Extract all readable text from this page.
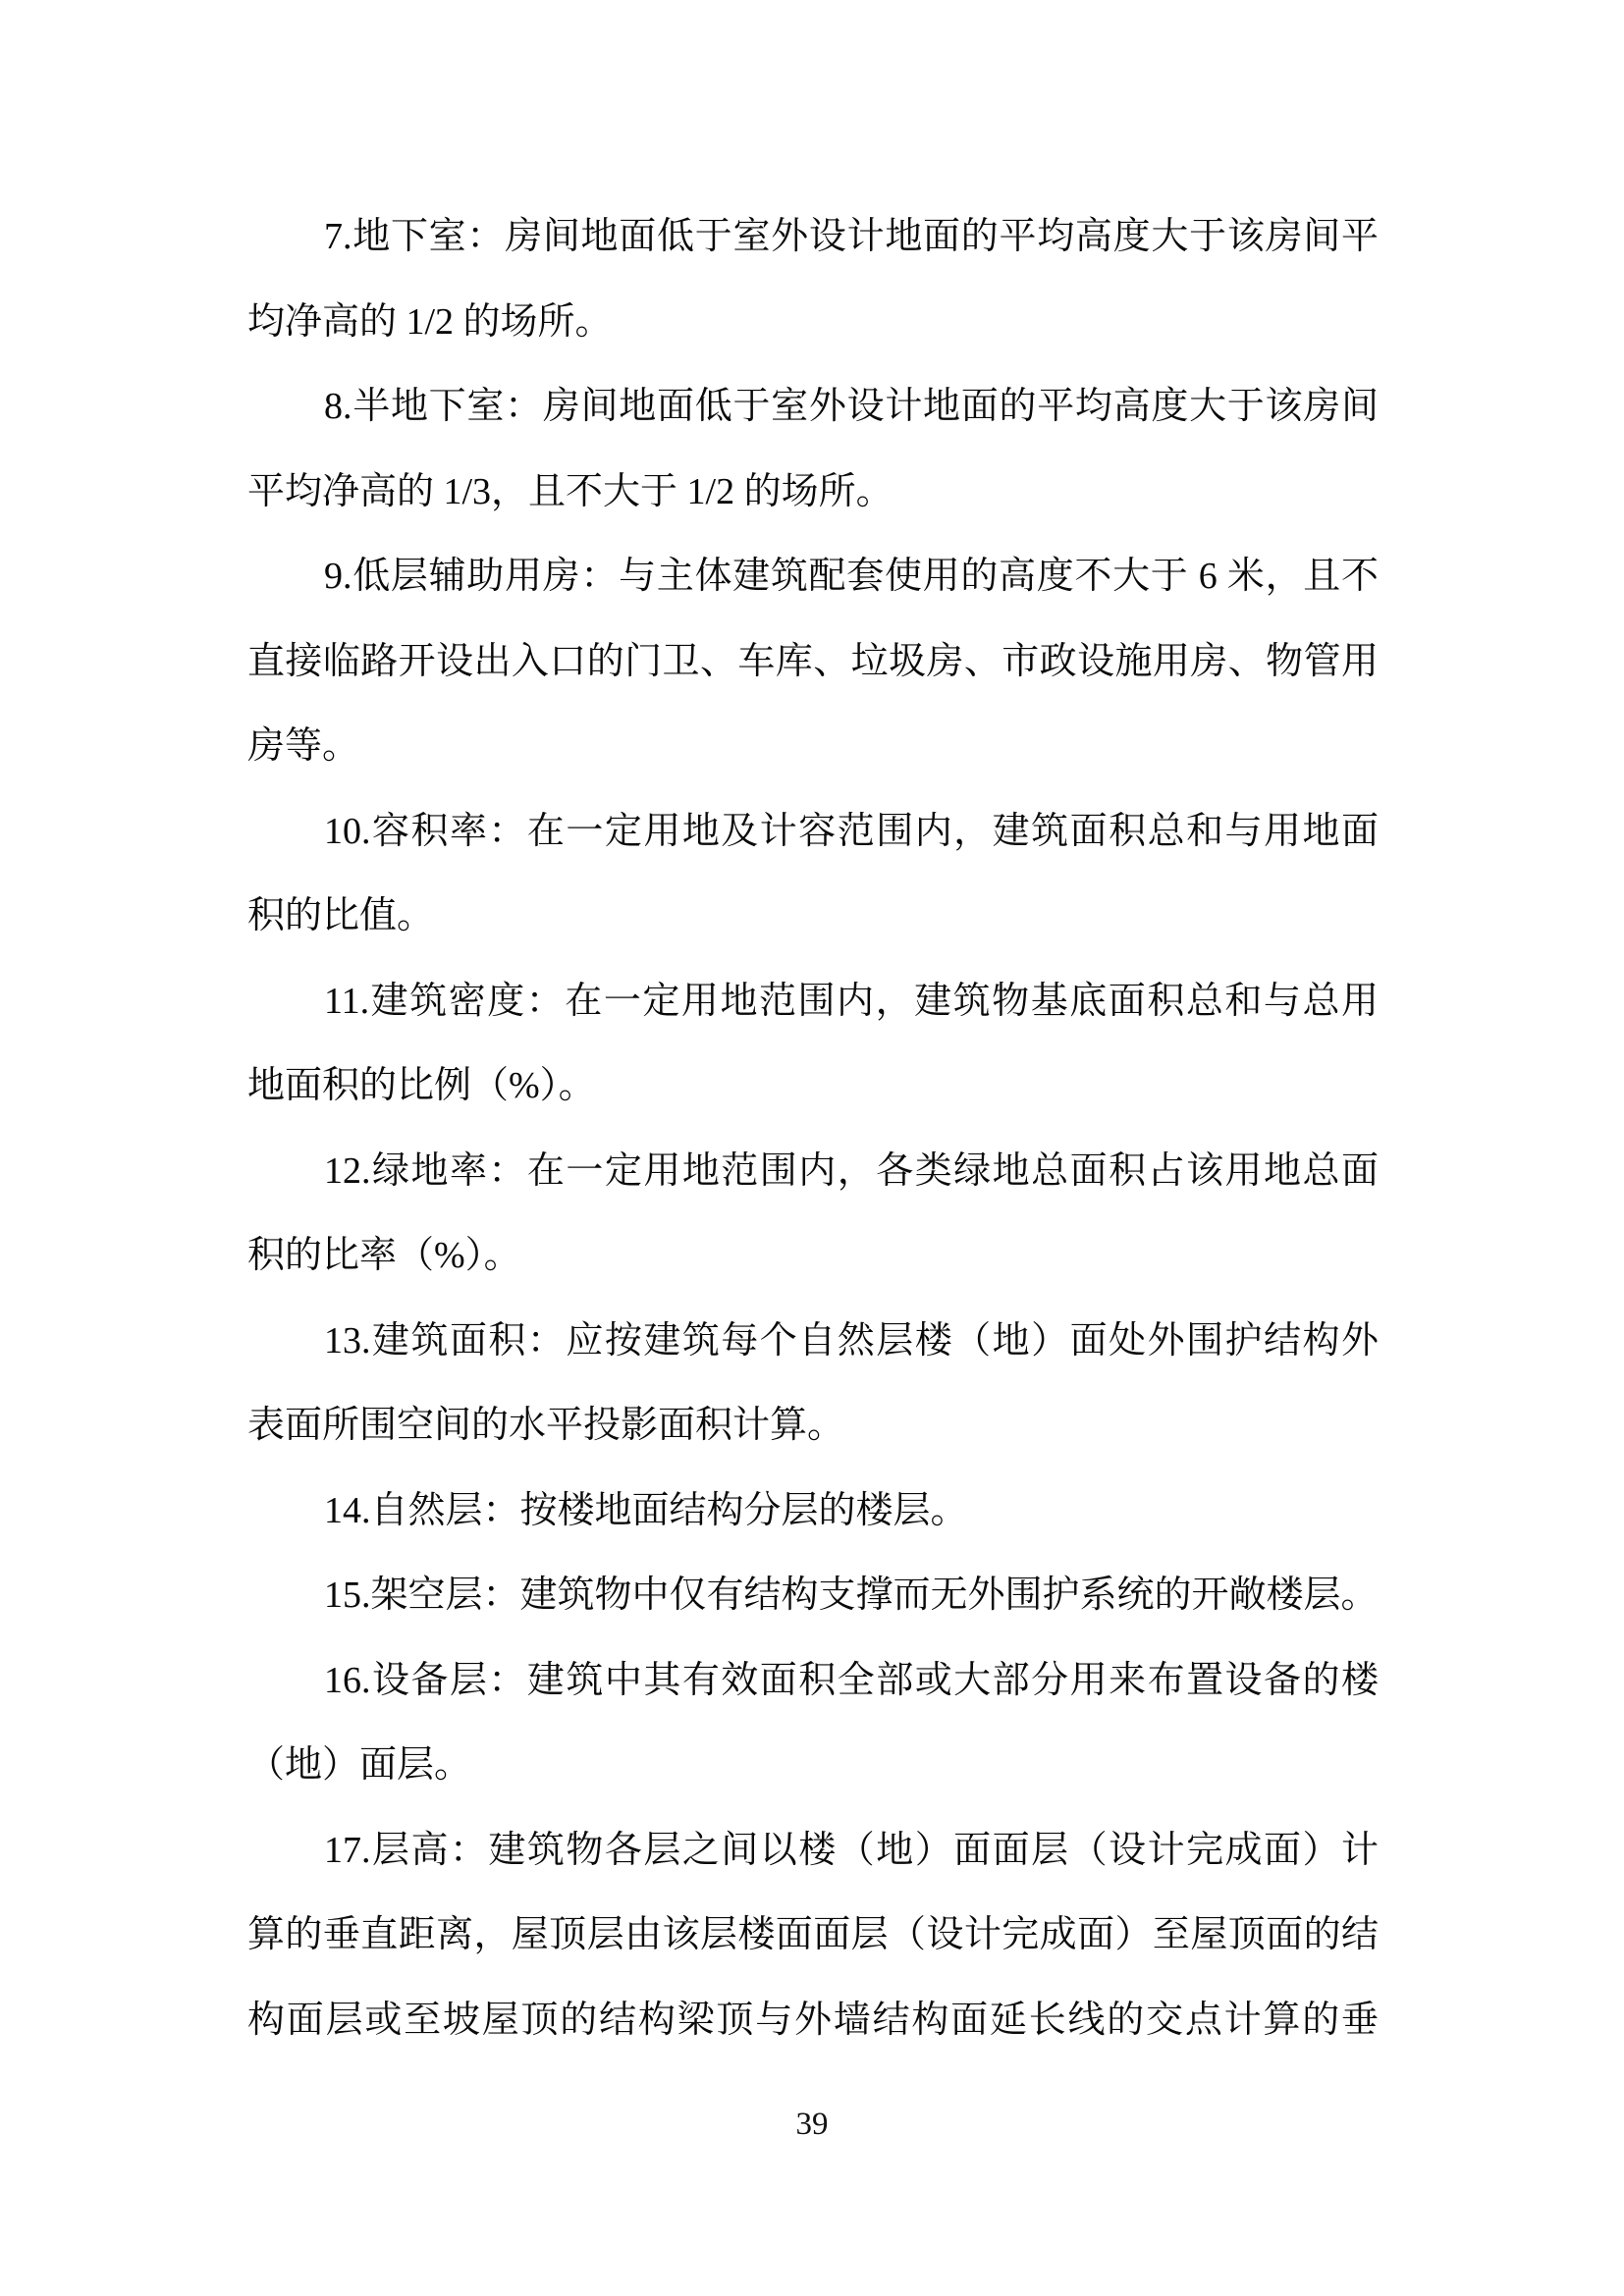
7.地下室：房间地面低于室外设计地面的平均高度大于该房间平
均净高的 1/2 的场所。
8.半地下室：房间地面低于室外设计地面的平均高度大于该房间
平均净高的 1/3，且不大于 1/2 的场所。
9.低层辅助用房：与主体建筑配套使用的高度不大于 6 米，且不
直接临路开设出入口的门卫、车库、垃圾房、市政设施用房、物管用
房等。
10.容积率：在一定用地及计容范围内，建筑面积总和与用地面
积的比值。
11.建筑密度：在一定用地范围内，建筑物基底面积总和与总用
地面积的比例（%）。
12.绿地率：在一定用地范围内，各类绿地总面积占该用地总面
积的比率（%）。
13.建筑面积：应按建筑每个自然层楼（地）面处外围护结构外
表面所围空间的水平投影面积计算。
14.自然层：按楼地面结构分层的楼层。
15.架空层：建筑物中仅有结构支撑而无外围护系统的开敞楼层。
16.设备层：建筑中其有效面积全部或大部分用来布置设备的楼
（地）面层。
17.层高：建筑物各层之间以楼（地）面面层（设计完成面）计
算的垂直距离，屋顶层由该层楼面面层（设计完成面）至屋顶面的结
构面层或至坡屋顶的结构梁顶与外墙结构面延长线的交点计算的垂
39
